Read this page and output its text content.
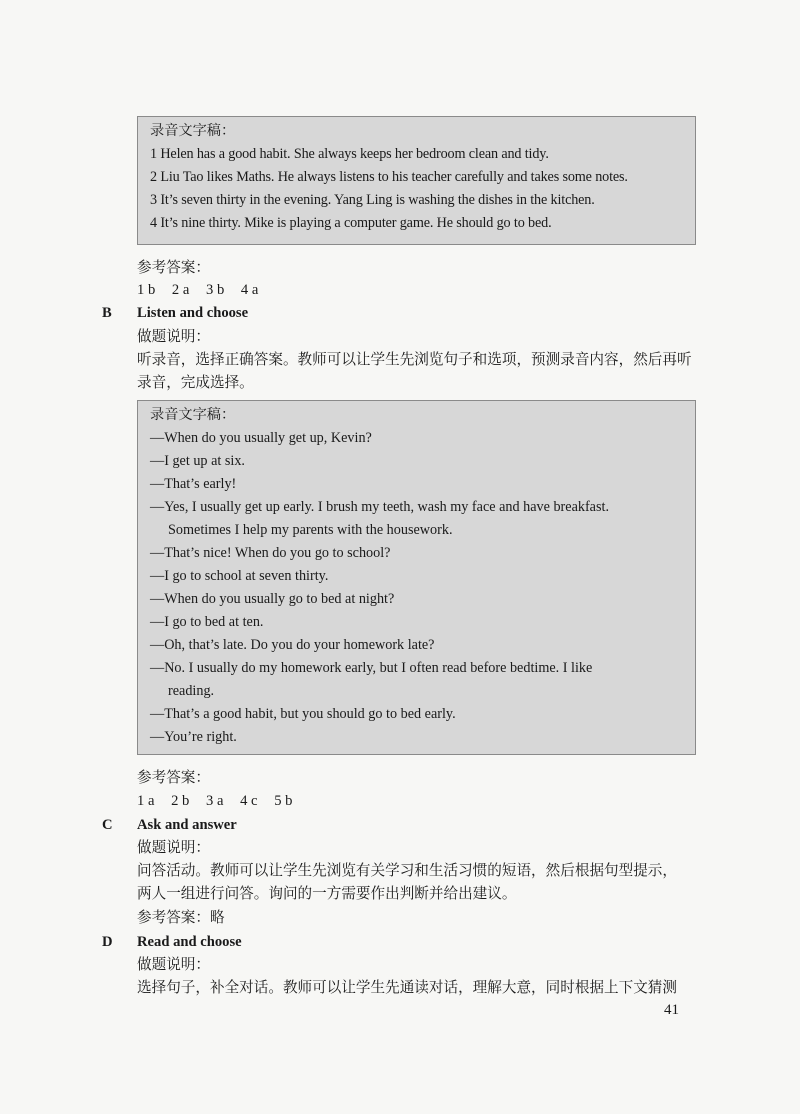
录音文字稿：
1 Helen has a good habit. She always keeps her bedroom clean and tidy.
2 Liu Tao likes Maths. He always listens to his teacher carefully and takes some notes.
3 It’s seven thirty in the evening. Yang Ling is washing the dishes in the kitchen.
4 It’s nine thirty. Mike is playing a computer game. He should go to bed.
参考答案：
1 b 2 a 3 b 4 a
B Listen and choose
做题说明：
听录音，选择正确答案。教师可以让学生先浏览句子和选项，预测录音内容，然后再听
录音，完成选择。
录音文字稿：
—When do you usually get up, Kevin?
—I get up at six.
—That’s early!
—Yes, I usually get up early. I brush my teeth, wash my face and have breakfast.
Sometimes I help my parents with the housework.
—That’s nice! When do you go to school?
—I go to school at seven thirty.
—When do you usually go to bed at night?
—I go to bed at ten.
—Oh, that’s late. Do you do your homework late?
—No. I usually do my homework early, but I often read before bedtime. I like
reading.
—That’s a good habit, but you should go to bed early.
—You’re right.
参考答案：
1 a 2 b 3 a 4 c 5 b
C Ask and answer
做题说明：
问答活动。教师可以让学生先浏览有关学习和生活习惯的短语，然后根据句型提示，
两人一组进行问答。询问的一方需要作出判断并给出建议。
参考答案：略
D Read and choose
做题说明：
选择句子，补全对话。教师可以让学生先通读对话，理解大意，同时根据上下文猜测
41
